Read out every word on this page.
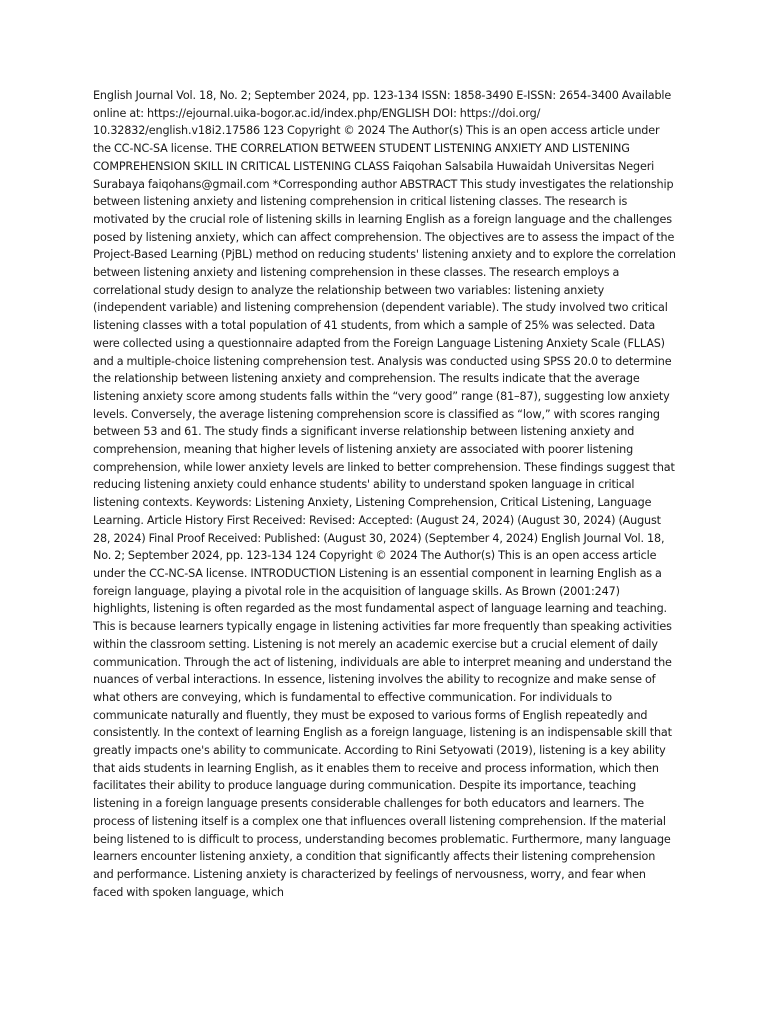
English Journal Vol. 18, No. 2; September 2024, pp. 123-134 ISSN: 1858-3490 E-ISSN: 2654-3400 Available online at: https://ejournal.uika-bogor.ac.id/index.php/ENGLISH DOI: https://doi.org/ 10.32832/english.v18i2.17586 123 Copyright © 2024 The Author(s) This is an open access article under the CC-NC-SA license. THE CORRELATION BETWEEN STUDENT LISTENING ANXIETY AND LISTENING COMPREHENSION SKILL IN CRITICAL LISTENING CLASS Faiqohan Salsabila Huwaidah Universitas Negeri Surabaya faiqohans@gmail.com *Corresponding author ABSTRACT This study investigates the relationship between listening anxiety and listening comprehension in critical listening classes. The research is motivated by the crucial role of listening skills in learning English as a foreign language and the challenges posed by listening anxiety, which can affect comprehension. The objectives are to assess the impact of the Project-Based Learning (PjBL) method on reducing students' listening anxiety and to explore the correlation between listening anxiety and listening comprehension in these classes. The research employs a correlational study design to analyze the relationship between two variables: listening anxiety (independent variable) and listening comprehension (dependent variable). The study involved two critical listening classes with a total population of 41 students, from which a sample of 25% was selected. Data were collected using a questionnaire adapted from the Foreign Language Listening Anxiety Scale (FLLAS) and a multiple-choice listening comprehension test. Analysis was conducted using SPSS 20.0 to determine the relationship between listening anxiety and comprehension. The results indicate that the average listening anxiety score among students falls within the “very good” range (81–87), suggesting low anxiety levels. Conversely, the average listening comprehension score is classified as “low,” with scores ranging between 53 and 61. The study finds a significant inverse relationship between listening anxiety and comprehension, meaning that higher levels of listening anxiety are associated with poorer listening comprehension, while lower anxiety levels are linked to better comprehension. These findings suggest that reducing listening anxiety could enhance students' ability to understand spoken language in critical listening contexts. Keywords: Listening Anxiety, Listening Comprehension, Critical Listening, Language Learning. Article History First Received: Revised: Accepted: (August 24, 2024) (August 30, 2024) (August 28, 2024) Final Proof Received: Published: (August 30, 2024) (September 4, 2024) English Journal Vol. 18, No. 2; September 2024, pp. 123-134 124 Copyright © 2024 The Author(s) This is an open access article under the CC-NC-SA license. INTRODUCTION Listening is an essential component in learning English as a foreign language, playing a pivotal role in the acquisition of language skills. As Brown (2001:247) highlights, listening is often regarded as the most fundamental aspect of language learning and teaching. This is because learners typically engage in listening activities far more frequently than speaking activities within the classroom setting. Listening is not merely an academic exercise but a crucial element of daily communication. Through the act of listening, individuals are able to interpret meaning and understand the nuances of verbal interactions. In essence, listening involves the ability to recognize and make sense of what others are conveying, which is fundamental to effective communication. For individuals to communicate naturally and fluently, they must be exposed to various forms of English repeatedly and consistently. In the context of learning English as a foreign language, listening is an indispensable skill that greatly impacts one's ability to communicate. According to Rini Setyowati (2019), listening is a key ability that aids students in learning English, as it enables them to receive and process information, which then facilitates their ability to produce language during communication. Despite its importance, teaching listening in a foreign language presents considerable challenges for both educators and learners. The process of listening itself is a complex one that influences overall listening comprehension. If the material being listened to is difficult to process, understanding becomes problematic. Furthermore, many language learners encounter listening anxiety, a condition that significantly affects their listening comprehension and performance. Listening anxiety is characterized by feelings of nervousness, worry, and fear when faced with spoken language, which
